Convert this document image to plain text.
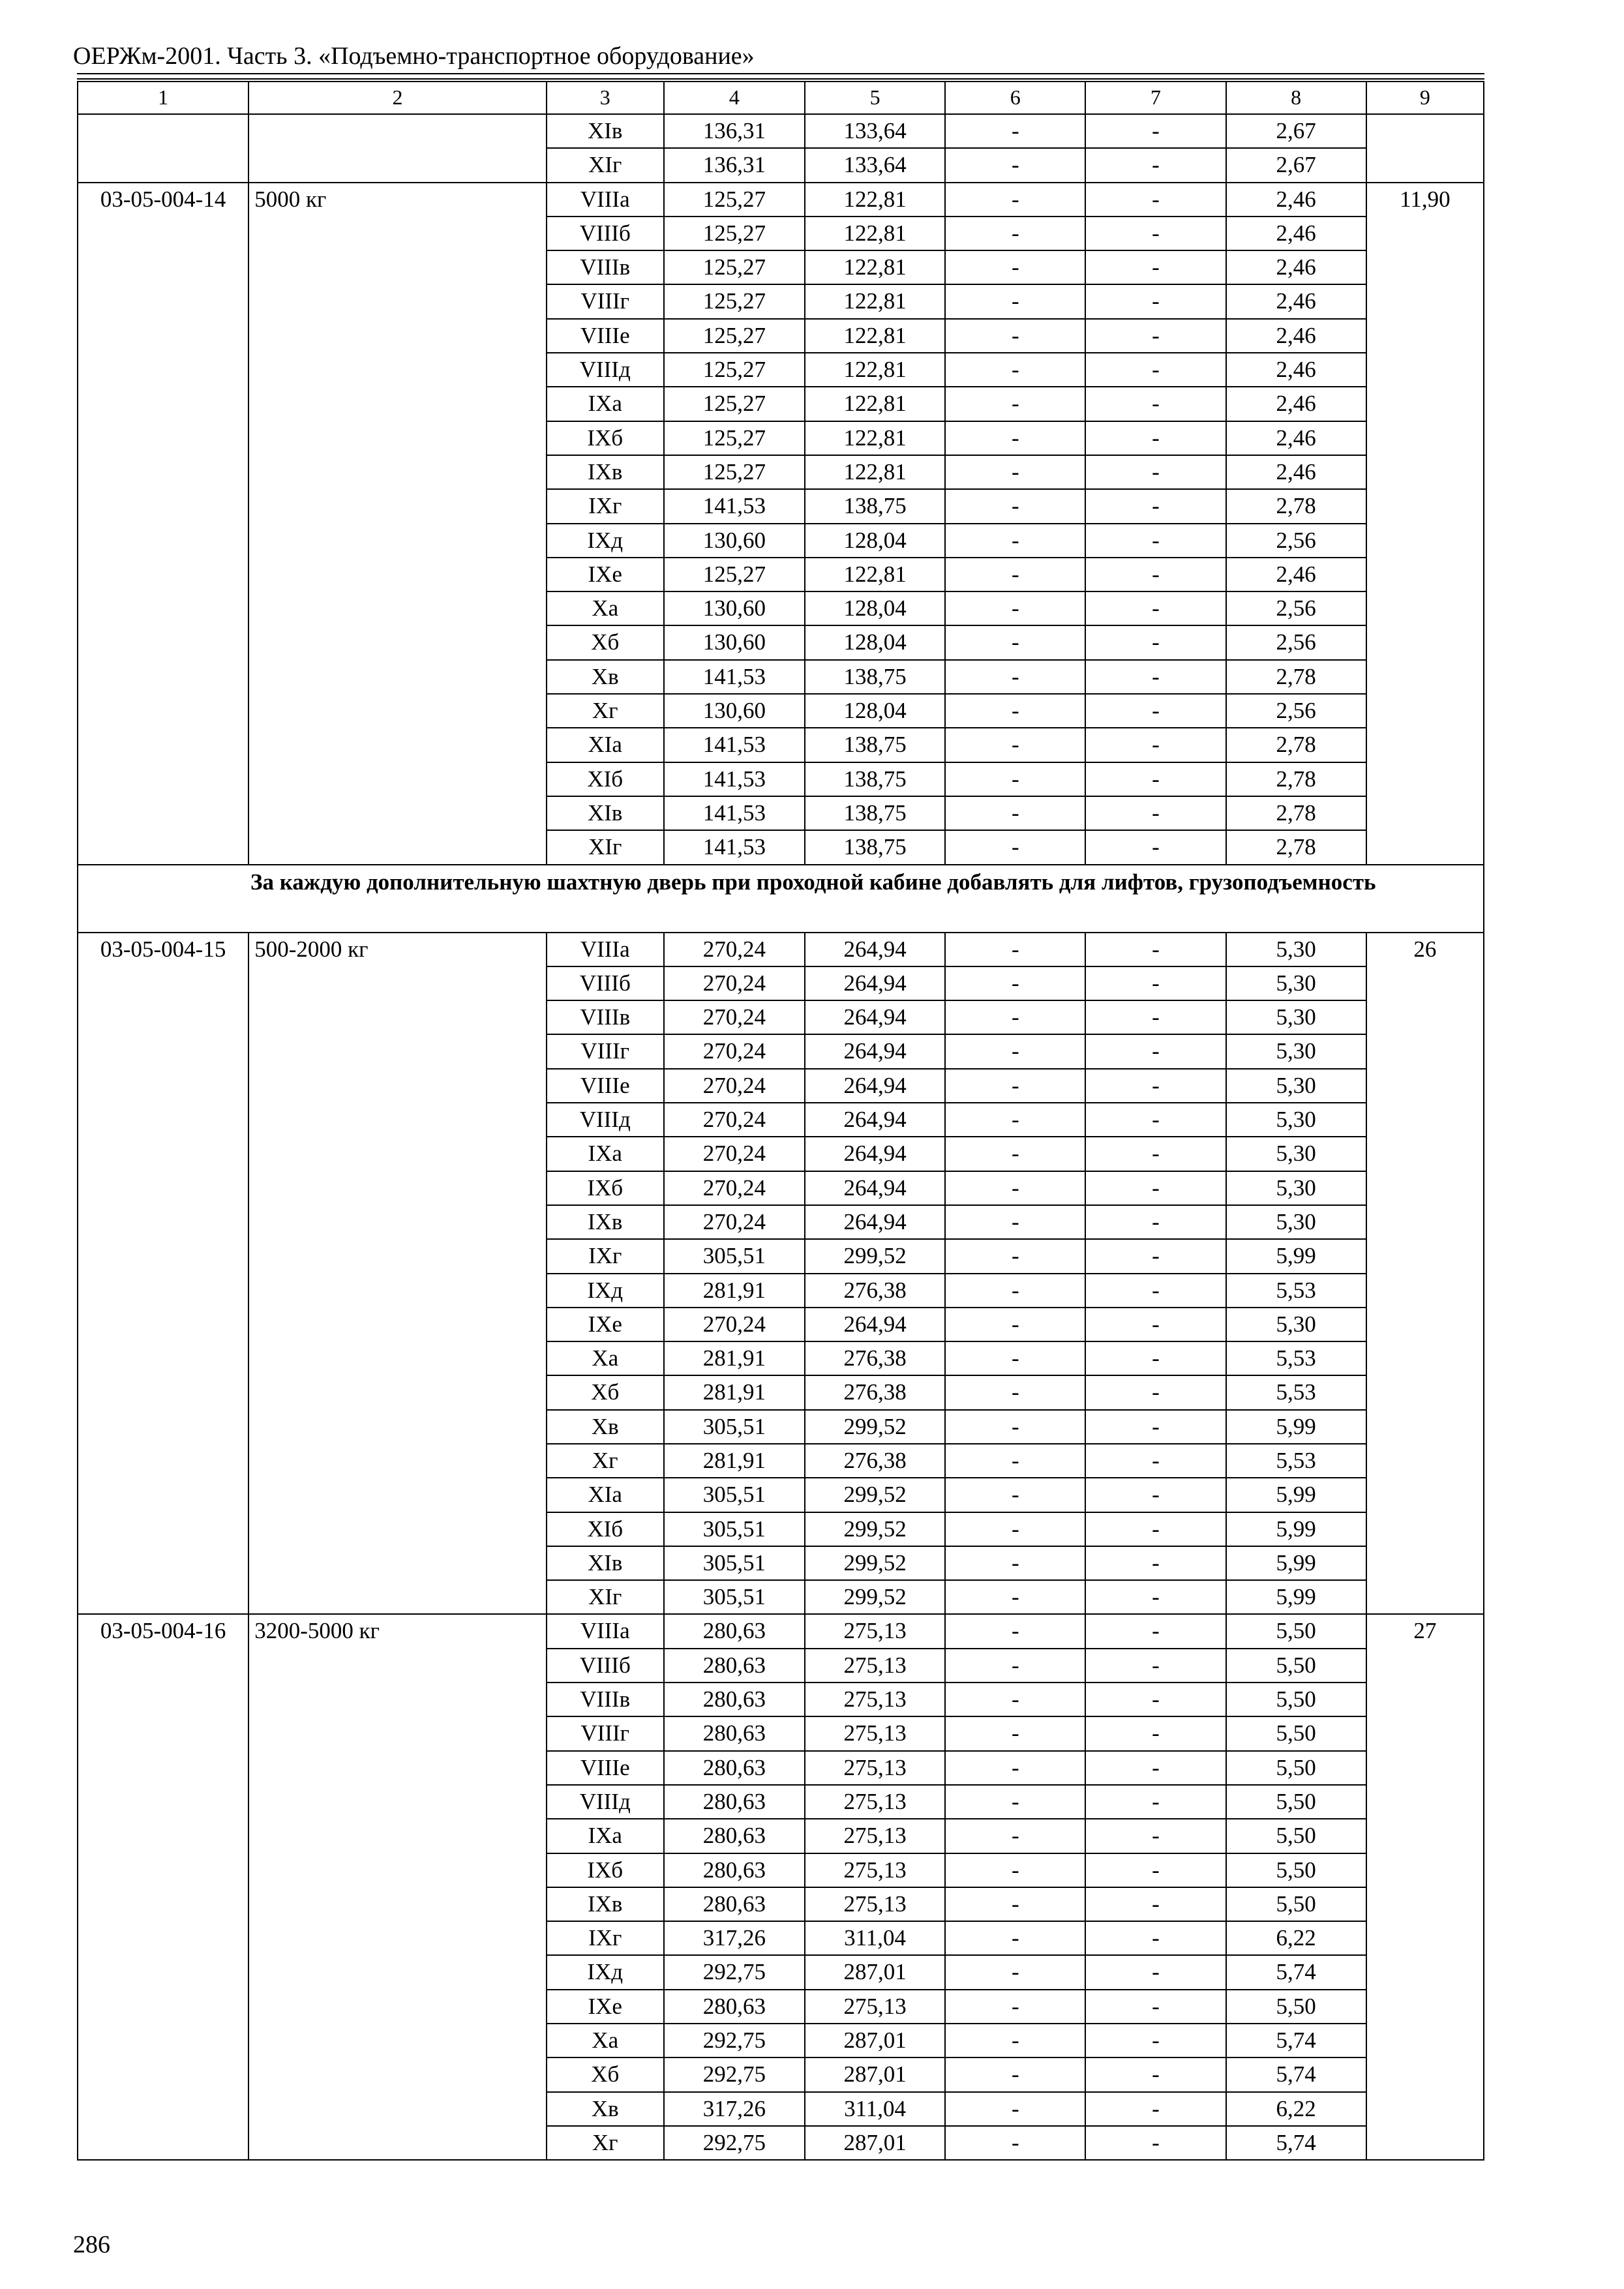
ОЕРЖм-2001. Часть 3. «Подъемно-транспортное оборудование»
1	2	3	4	5	6	7	8	9
		XIв	136,31	133,64	-	-	2,67	
		XIг	136,31	133,64	-	-	2,67	
03-05-004-14	5000 кг	VIIIа	125,27	122,81	-	-	2,46	11,90
		VIIIб	125,27	122,81	-	-	2,46	
		VIIIв	125,27	122,81	-	-	2,46	
		VIIIг	125,27	122,81	-	-	2,46	
		VIIIе	125,27	122,81	-	-	2,46	
		VIIIд	125,27	122,81	-	-	2,46	
		IXа	125,27	122,81	-	-	2,46	
		IXб	125,27	122,81	-	-	2,46	
		IXв	125,27	122,81	-	-	2,46	
		IXг	141,53	138,75	-	-	2,78	
		IXд	130,60	128,04	-	-	2,56	
		IXе	125,27	122,81	-	-	2,46	
		Xа	130,60	128,04	-	-	2,56	
		Xб	130,60	128,04	-	-	2,56	
		Xв	141,53	138,75	-	-	2,78	
		Xг	130,60	128,04	-	-	2,56	
		XIа	141,53	138,75	-	-	2,78	
		XIб	141,53	138,75	-	-	2,78	
		XIв	141,53	138,75	-	-	2,78	
		XIг	141,53	138,75	-	-	2,78	
За каждую дополнительную шахтную дверь при проходной кабине добавлять для лифтов, грузоподъемность								
03-05-004-15	500-2000 кг	VIIIа	270,24	264,94	-	-	5,30	26
		VIIIб	270,24	264,94	-	-	5,30	
		VIIIв	270,24	264,94	-	-	5,30	
		VIIIг	270,24	264,94	-	-	5,30	
		VIIIе	270,24	264,94	-	-	5,30	
		VIIIд	270,24	264,94	-	-	5,30	
		IXа	270,24	264,94	-	-	5,30	
		IXб	270,24	264,94	-	-	5,30	
		IXв	270,24	264,94	-	-	5,30	
		IXг	305,51	299,52	-	-	5,99	
		IXд	281,91	276,38	-	-	5,53	
		IXе	270,24	264,94	-	-	5,30	
		Xа	281,91	276,38	-	-	5,53	
		Xб	281,91	276,38	-	-	5,53	
		Xв	305,51	299,52	-	-	5,99	
		Xг	281,91	276,38	-	-	5,53	
		XIа	305,51	299,52	-	-	5,99	
		XIб	305,51	299,52	-	-	5,99	
		XIв	305,51	299,52	-	-	5,99	
		XIг	305,51	299,52	-	-	5,99	
03-05-004-16	3200-5000 кг	VIIIа	280,63	275,13	-	-	5,50	27
		VIIIб	280,63	275,13	-	-	5,50	
		VIIIв	280,63	275,13	-	-	5,50	
		VIIIг	280,63	275,13	-	-	5,50	
		VIIIе	280,63	275,13	-	-	5,50	
		VIIIд	280,63	275,13	-	-	5,50	
		IXа	280,63	275,13	-	-	5,50	
		IXб	280,63	275,13	-	-	5,50	
		IXв	280,63	275,13	-	-	5,50	
		IXг	317,26	311,04	-	-	6,22	
		IXд	292,75	287,01	-	-	5,74	
		IXе	280,63	275,13	-	-	5,50	
		Xа	292,75	287,01	-	-	5,74	
		Xб	292,75	287,01	-	-	5,74	
		Xв	317,26	311,04	-	-	6,22	
		Xг	292,75	287,01	-	-	5,74	
286
